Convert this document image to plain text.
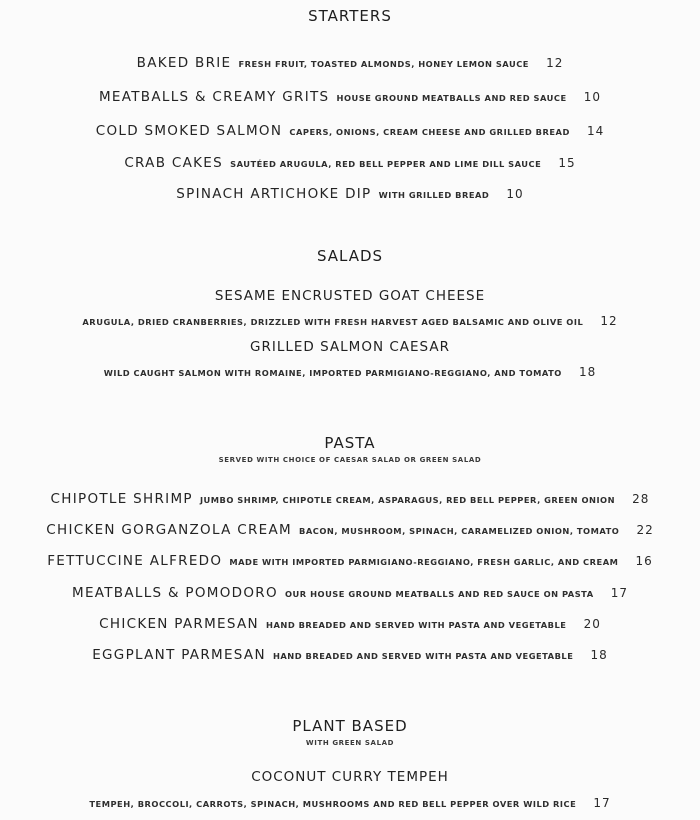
STARTERS
BAKED BRIE FRESH FRUIT, TOASTED ALMONDS, HONEY LEMON SAUCE 12
MEATBALLS & CREAMY GRITS HOUSE GROUND MEATBALLS AND RED SAUCE 10
COLD SMOKED SALMON CAPERS, ONIONS, CREAM CHEESE AND GRILLED BREAD 14
CRAB CAKES SAUTÉED ARUGULA, RED BELL PEPPER AND LIME DILL SAUCE 15
SPINACH ARTICHOKE DIP WITH GRILLED BREAD 10
SALADS
SESAME ENCRUSTED GOAT CHEESE
ARUGULA, DRIED CRANBERRIES, DRIZZLED WITH FRESH HARVEST AGED BALSAMIC AND OLIVE OIL 12
GRILLED SALMON CAESAR
WILD CAUGHT SALMON WITH ROMAINE, IMPORTED PARMIGIANO-REGGIANO, AND TOMATO 18
PASTA
SERVED WITH CHOICE OF CAESAR SALAD OR GREEN SALAD
CHIPOTLE SHRIMP JUMBO SHRIMP, CHIPOTLE CREAM, ASPARAGUS, RED BELL PEPPER, GREEN ONION 28
CHICKEN GORGANZOLA CREAM BACON, MUSHROOM, SPINACH, CARAMELIZED ONION, TOMATO 22
FETTUCCINE ALFREDO MADE WITH IMPORTED PARMIGIANO-REGGIANO, FRESH GARLIC, AND CREAM 16
MEATBALLS & POMODORO OUR HOUSE GROUND MEATBALLS AND RED SAUCE ON PASTA 17
CHICKEN PARMESAN HAND BREADED AND SERVED WITH PASTA AND VEGETABLE 20
EGGPLANT PARMESAN HAND BREADED AND SERVED WITH PASTA AND VEGETABLE 18
PLANT BASED
WITH GREEN SALAD
COCONUT CURRY TEMPEH
TEMPEH, BROCCOLI, CARROTS, SPINACH, MUSHROOMS AND RED BELL PEPPER OVER WILD RICE 17
